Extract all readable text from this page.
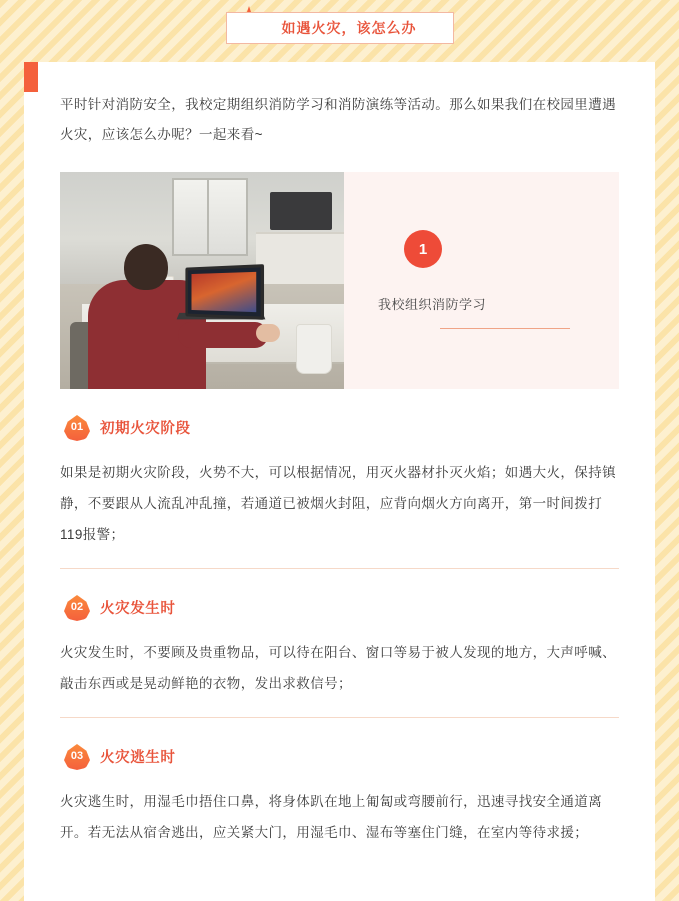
如遇火灾，该怎么办

平时针对消防安全，我校定期组织消防学习和消防演练等活动。那么如果我们在校园里遭遇火灾，应该怎么办呢？一起来看~

1
我校组织消防学习
01	初期火灾阶段

如果是初期火灾阶段，火势不大，可以根据情况，用灭火器材扑灭火焰；如遇大火，保持镇静，不要跟从人流乱冲乱撞，若通道已被烟火封阻，应背向烟火方向离开，第一时间拨打119报警；

02	火灾发生时

火灾发生时，不要顾及贵重物品，可以待在阳台、窗口等易于被人发现的地方，大声呼喊、敲击东西或是晃动鲜艳的衣物，发出求救信号；

03	火灾逃生时

火灾逃生时，用湿毛巾捂住口鼻，将身体趴在地上匍匐或弯腰前行，迅速寻找安全通道离开。若无法从宿舍逃出，应关紧大门，用湿毛巾、湿布等塞住门缝，在室内等待求援；
